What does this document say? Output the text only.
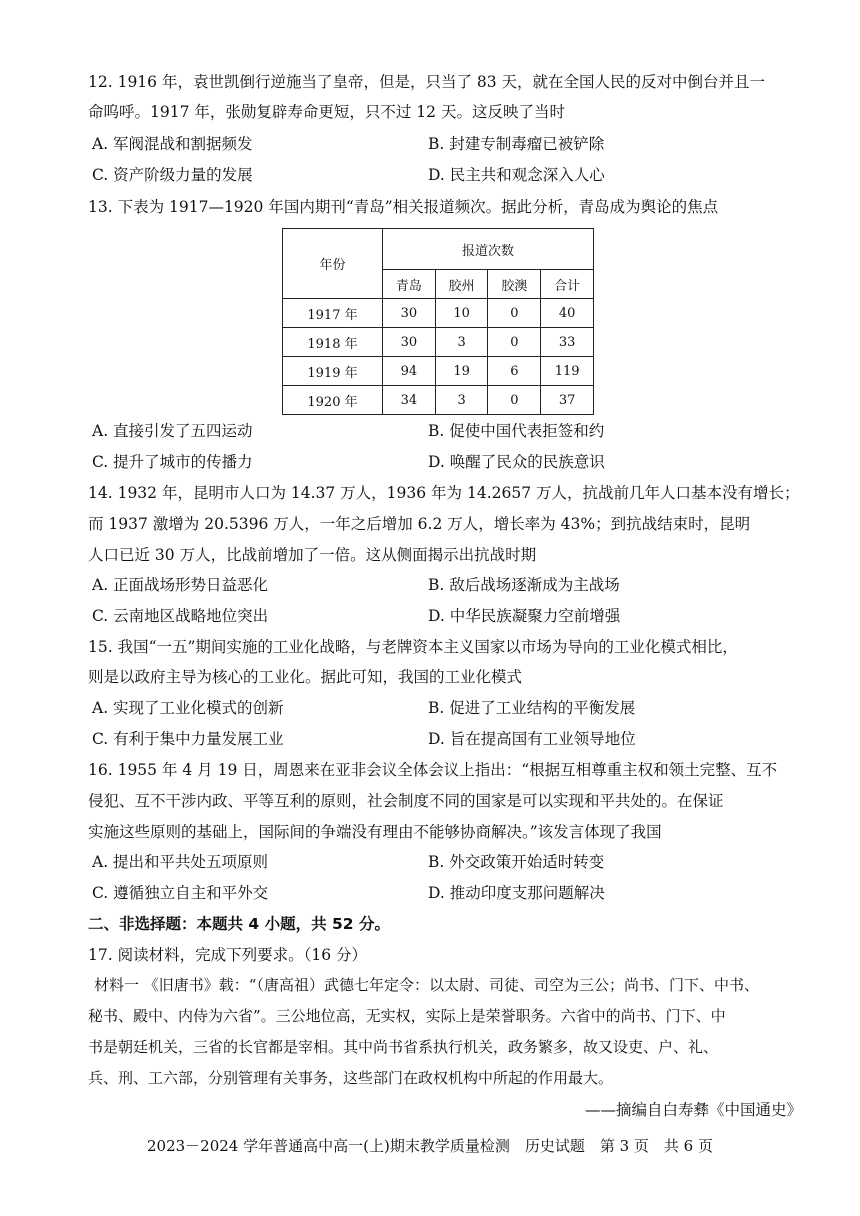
12. 1916 年，袁世凯倒行逆施当了皇帝，但是，只当了 83 天，就在全国人民的反对中倒台并且一
命呜呼。1917 年，张勋复辟寿命更短，只不过 12 天。这反映了当时
A. 军阀混战和割据频发	B. 封建专制毒瘤已被铲除
C. 资产阶级力量的发展	D. 民主共和观念深入人心
13. 下表为 1917—1920 年国内期刊“青岛”相关报道频次。据此分析，青岛成为舆论的焦点
年份	报道次数			
	青岛	胶州	胶澳	合计
1917 年	30	10	0	40
1918 年	30	3	0	33
1919 年	94	19	6	119
1920 年	34	3	0	37
A. 直接引发了五四运动	B. 促使中国代表拒签和约
C. 提升了城市的传播力	D. 唤醒了民众的民族意识
14. 1932 年，昆明市人口为 14.37 万人，1936 年为 14.2657 万人，抗战前几年人口基本没有增长；
而 1937 激增为 20.5396 万人，一年之后增加 6.2 万人，增长率为 43%；到抗战结束时，昆明
人口已近 30 万人，比战前增加了一倍。这从侧面揭示出抗战时期
A. 正面战场形势日益恶化	B. 敌后战场逐渐成为主战场
C. 云南地区战略地位突出	D. 中华民族凝聚力空前增强
15. 我国“一五”期间实施的工业化战略，与老牌资本主义国家以市场为导向的工业化模式相比，
则是以政府主导为核心的工业化。据此可知，我国的工业化模式
A. 实现了工业化模式的创新	B. 促进了工业结构的平衡发展
C. 有利于集中力量发展工业	D. 旨在提高国有工业领导地位
16. 1955 年 4 月 19 日，周恩来在亚非会议全体会议上指出：“根据互相尊重主权和领土完整、互不
侵犯、互不干涉内政、平等互利的原则，社会制度不同的国家是可以实现和平共处的。在保证
实施这些原则的基础上，国际间的争端没有理由不能够协商解决。”该发言体现了我国
A. 提出和平共处五项原则	B. 外交政策开始适时转变
C. 遵循独立自主和平外交	D. 推动印度支那问题解决
二、非选择题：本题共 4 小题，共 52 分。
17. 阅读材料，完成下列要求。（16 分）
材料一 《旧唐书》载：“（唐高祖）武德七年定令：以太尉、司徒、司空为三公；尚书、门下、中书、
秘书、殿中、内侍为六省”。三公地位高，无实权，实际上是荣誉职务。六省中的尚书、门下、中
书是朝廷机关，三省的长官都是宰相。其中尚书省系执行机关，政务繁多，故又设吏、户、礼、
兵、刑、工六部，分别管理有关事务，这些部门在政权机构中所起的作用最大。
——摘编自白寿彝《中国通史》
2023－2024 学年普通高中高一(上)期末教学质量检测　历史试题　第 3 页　共 6 页
